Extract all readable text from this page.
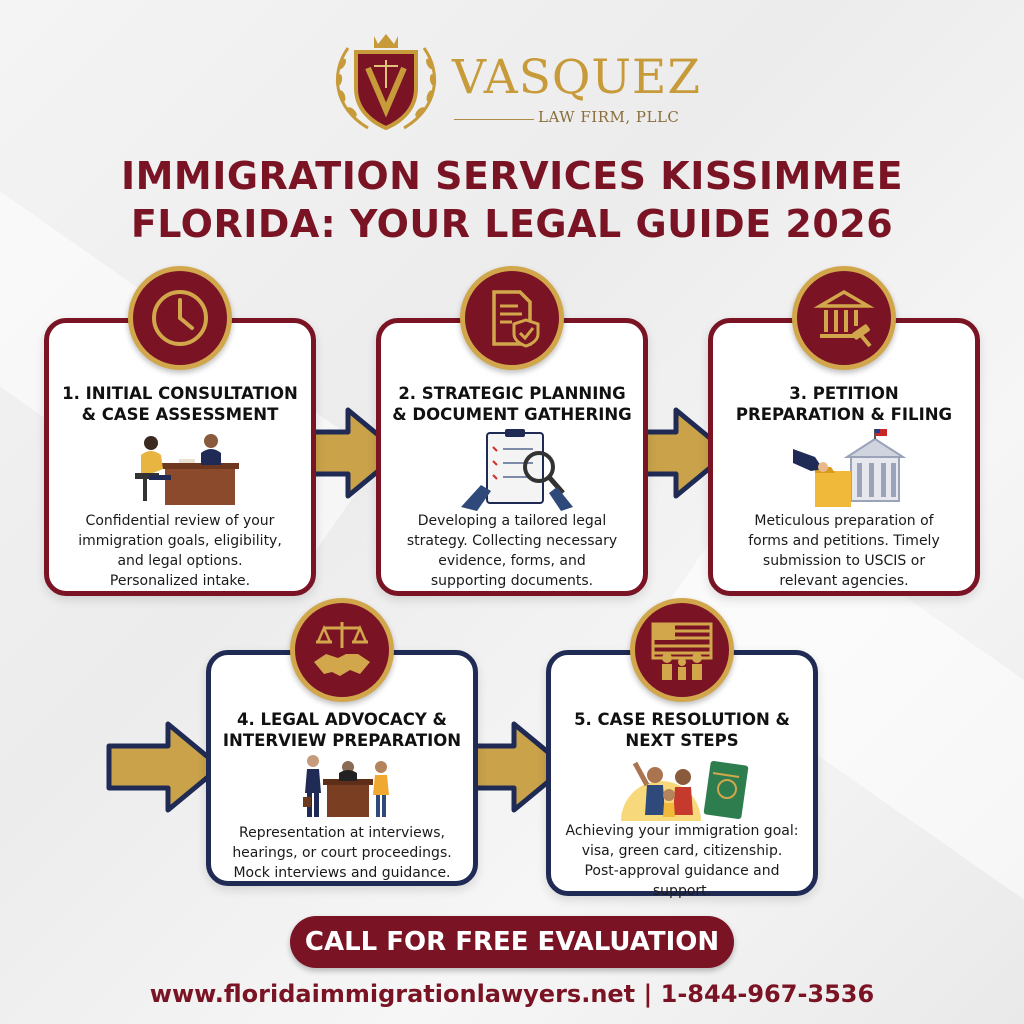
VASQUEZ
LAW FIRM, PLLC
IMMIGRATION SERVICES KISSIMMEE
FLORIDA: YOUR LEGAL GUIDE 2026
1. INITIAL CONSULTATION
& CASE ASSESSMENT
Confidential review of your
immigration goals, eligibility,
and legal options.
Personalized intake.
2. STRATEGIC PLANNING
& DOCUMENT GATHERING
Developing a tailored legal
strategy. Collecting necessary
evidence, forms, and
supporting documents.
3. PETITION
PREPARATION & FILING
Meticulous preparation of
forms and petitions. Timely
submission to USCIS or
relevant agencies.
4. LEGAL ADVOCACY &
INTERVIEW PREPARATION
Representation at interviews,
hearings, or court proceedings.
Mock interviews and guidance.
5. CASE RESOLUTION &
NEXT STEPS
Achieving your immigration goal:
visa, green card, citizenship.
Post-approval guidance and
support.
CALL FOR FREE EVALUATION
www.floridaimmigrationlawyers.net | 1-844-967-3536
